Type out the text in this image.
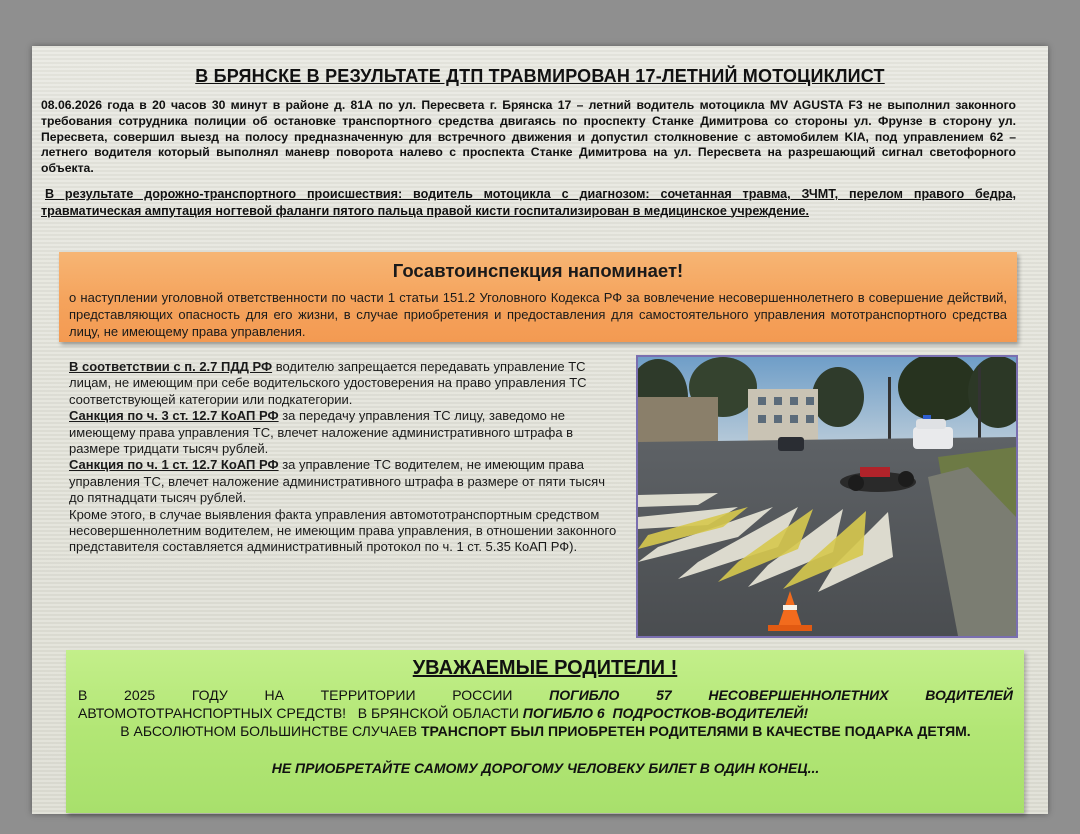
В БРЯНСКЕ В РЕЗУЛЬТАТЕ ДТП ТРАВМИРОВАН 17-ЛЕТНИЙ МОТОЦИКЛИСТ

08.06.2026 года в 20 часов 30 минут в районе д. 81А по ул. Пересвета г. Брянска 17 – летний водитель мотоцикла MV AGUSTA F3 не выполнил законного требования сотрудника полиции об остановке транспортного средства двигаясь по проспекту Станке Димитрова со стороны ул. Фрунзе в сторону ул. Пересвета, совершил выезд на полосу предназначенную для встречного движения и допустил столкновение с автомобилем KIA, под управлением 62 – летнего водителя который выполнял маневр поворота налево с проспекта Станке Димитрова на ул. Пересвета на разрешающий сигнал светофорного объекта.

В результате дорожно-транспортного происшествия: водитель мотоцикла с диагнозом: сочетанная травма, ЗЧМТ, перелом правого бедра, травматическая ампутация ногтевой фаланги пятого пальца правой кисти госпитализирован в медицинское учреждение.

Госавтоинспекция напоминает!

о наступлении уголовной ответственности по части 1 статьи 151.2 Уголовного Кодекса РФ за вовлечение несовершеннолетнего в совершение действий, представляющих опасность для его жизни, в случае приобретения и предоставления для самостоятельного управления мототранспортного средства лицу, не имеющему права управления.

В соответствии с п. 2.7 ПДД РФ водителю запрещается передавать управление ТС лицам, не имеющим при себе водительского удостоверения на право управления ТС соответствующей категории или подкатегории.
Санкция по ч. 3 ст. 12.7 КоАП РФ за передачу управления ТС лицу, заведомо не имеющему права управления ТС, влечет наложение административного штрафа в размере тридцати тысяч рублей.
Санкция по ч. 1 ст. 12.7 КоАП РФ за управление ТС водителем, не имеющим права управления ТС, влечет наложение административного штрафа в размере от пяти тысяч до пятнадцати тысяч рублей.
Кроме этого, в случае выявления факта управления автомототранспортным средством несовершеннолетним водителем, не имеющим права управления, в отношении законного представителя составляется административный протокол по ч. 1 ст. 5.35 КоАП РФ).

УВАЖАЕМЫЕ РОДИТЕЛИ !

В 2025 ГОДУ НА ТЕРРИТОРИИ РОССИИ ПОГИБЛО 57 НЕСОВЕРШЕННОЛЕТНИХ ВОДИТЕЛЕЙ

АВТОМОТОТРАНСПОРТНЫХ СРЕДСТВ!   В БРЯНСКОЙ ОБЛАСТИ ПОГИБЛО 6  ПОДРОСТКОВ-ВОДИТЕЛЕЙ!

В АБСОЛЮТНОМ БОЛЬШИНСТВЕ СЛУЧАЕВ ТРАНСПОРТ БЫЛ ПРИОБРЕТЕН РОДИТЕЛЯМИ В КАЧЕСТВЕ ПОДАРКА ДЕТЯМ.

НЕ ПРИОБРЕТАЙТЕ САМОМУ ДОРОГОМУ ЧЕЛОВЕКУ БИЛЕТ В ОДИН КОНЕЦ...
